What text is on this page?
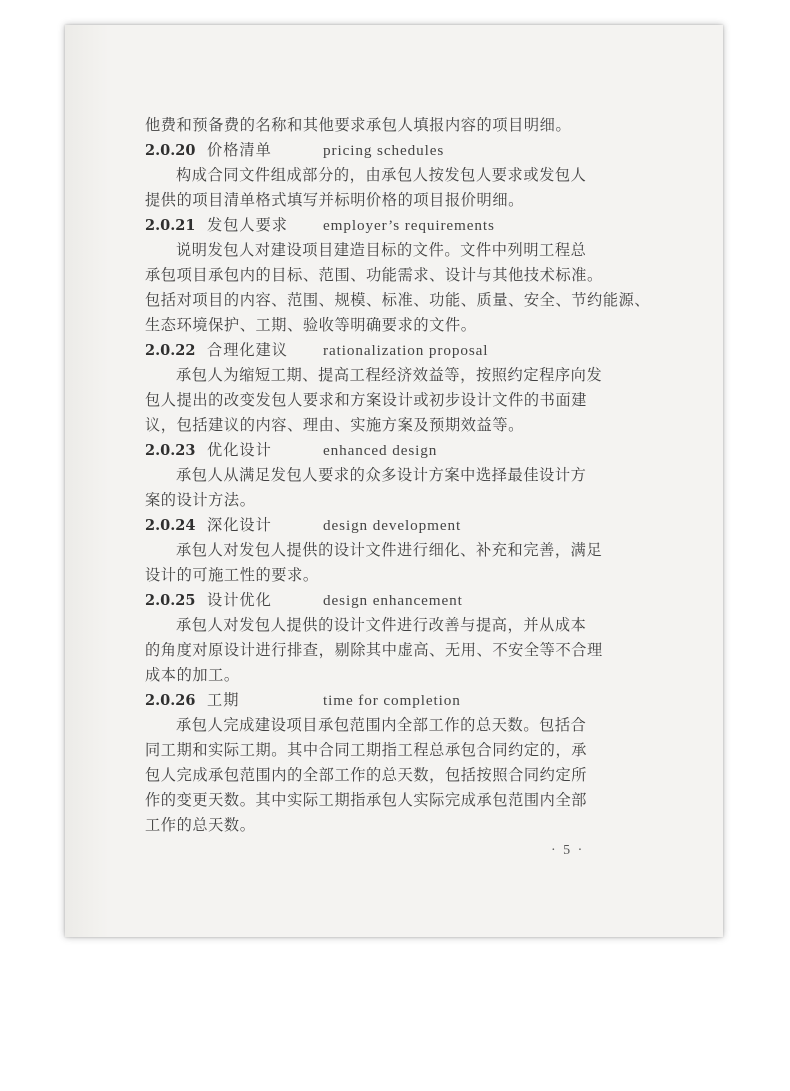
他费和预备费的名称和其他要求承包人填报内容的项目明细。
2.0.20 价格清单	pricing schedules
构成合同文件组成部分的，由承包人按发包人要求或发包人
提供的项目清单格式填写并标明价格的项目报价明细。
2.0.21 发包人要求 employer’s requirements
说明发包人对建设项目建造目标的文件。文件中列明工程总
承包项目承包内的目标、范围、功能需求、设计与其他技术标准。
包括对项目的内容、范围、规模、标准、功能、质量、安全、节约能源、
生态环境保护、工期、验收等明确要求的文件。
2.0.22 合理化建议 rationalization proposal
承包人为缩短工期、提高工程经济效益等，按照约定程序向发
包人提出的改变发包人要求和方案设计或初步设计文件的书面建
议，包括建议的内容、理由、实施方案及预期效益等。
2.0.23 优化设计	enhanced design
承包人从满足发包人要求的众多设计方案中选择最佳设计方
案的设计方法。
2.0.24 深化设计	design development
承包人对发包人提供的设计文件进行细化、补充和完善，满足
设计的可施工性的要求。
2.0.25 设计优化	design enhancement
承包人对发包人提供的设计文件进行改善与提高，并从成本
的角度对原设计进行排查，剔除其中虚高、无用、不安全等不合理
成本的加工。
2.0.26 工期	time for completion
承包人完成建设项目承包范围内全部工作的总天数。包括合
同工期和实际工期。其中合同工期指工程总承包合同约定的，承
包人完成承包范围内的全部工作的总天数，包括按照合同约定所
作的变更天数。其中实际工期指承包人实际完成承包范围内全部
工作的总天数。
· 5 ·
